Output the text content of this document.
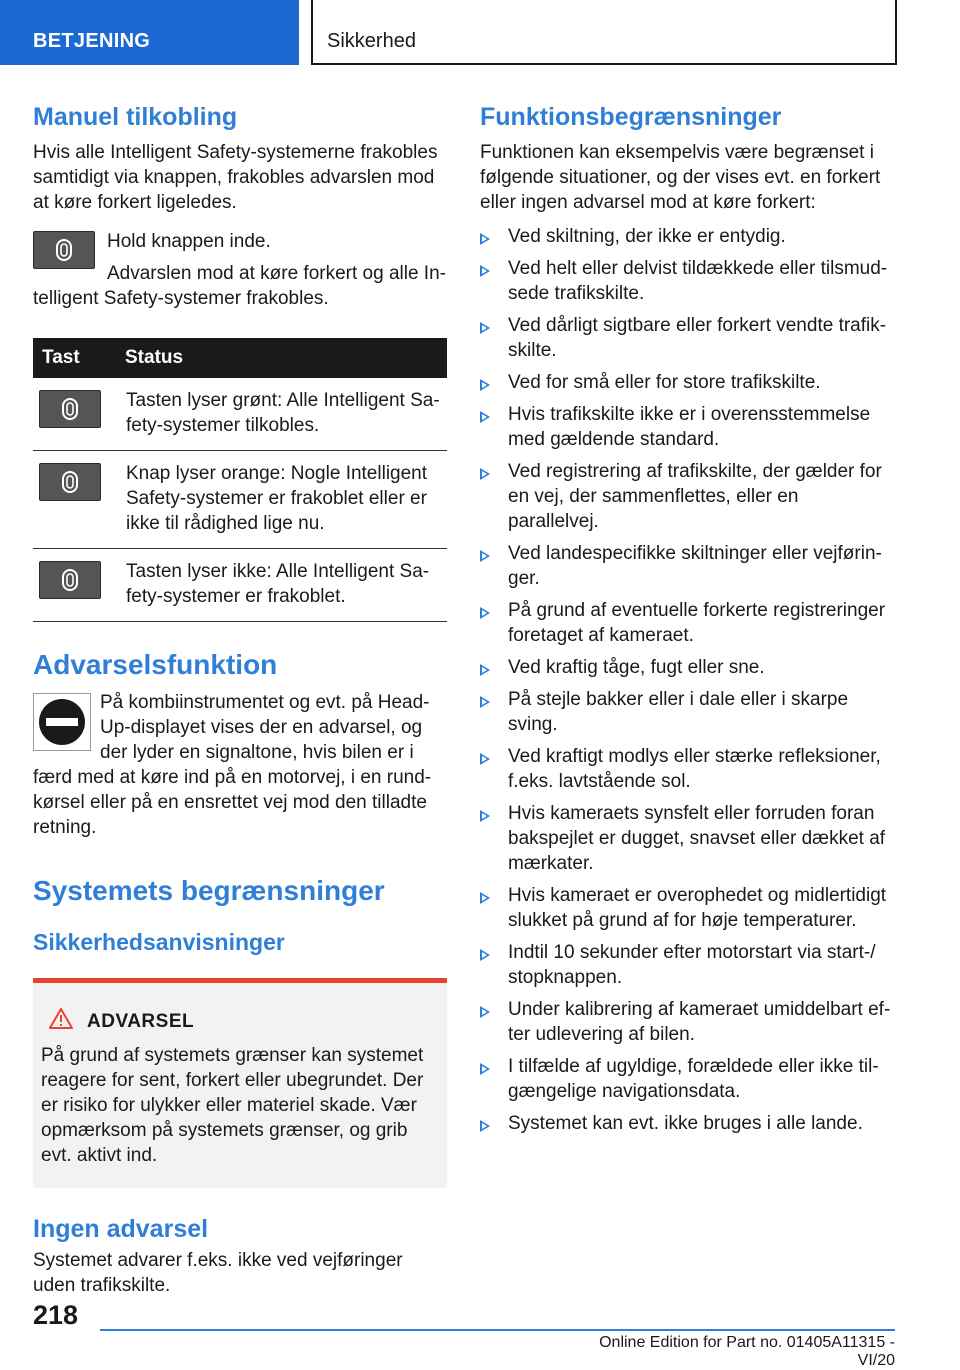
BETJENING	Sikkerhed
Manuel tilkobling

Hvis alle Intelligent Safety-systemerne frakobles samtidigt via knappen, frakobles advarslen mod at køre forkert ligeledes.

Hold knappen inde.

Advarslen mod at køre forkert og alle In-

telligent Safety-systemer frakobles.

Tast	Status

	Tasten lyser grønt: Alle Intelligent Sa-fety-systemer tilkobles.

	Knap lyser orange: Nogle Intelligent Safety-systemer er frakoblet eller er ikke til rådighed lige nu.

	Tasten lyser ikke: Alle Intelligent Sa-fety-systemer er frakoblet.
Advarselsfunktion

På kombiinstrumentet og evt. på Head-Up-displayet vises der en advarsel, og der lyder en signaltone, hvis bilen er i

færd med at køre ind på en motorvej, i en rund-kørsel eller på en ensrettet vej mod den tilladte retning.

Systemets begrænsninger
Sikkerhedsanvisninger
ADVARSEL

På grund af systemets grænser kan systemet reagere for sent, forkert eller ubegrundet. Der er risiko for ulykker eller materiel skade. Vær opmærksom på systemets grænser, og grib evt. aktivt ind.

Ingen advarsel

Systemet advarer f.eks. ikke ved vejføringer uden trafikskilte.

Funktionsbegrænsninger

Funktionen kan eksempelvis være begrænset i følgende situationer, og der vises evt. en forkert eller ingen advarsel mod at køre forkert:

Ved skiltning, der ikke er entydig.
Ved helt eller delvist tildækkede eller tilsmud-sede trafikskilte.
Ved dårligt sigtbare eller forkert vendte trafik-skilte.
Ved for små eller for store trafikskilte.
Hvis trafikskilte ikke er i overensstemmelse med gældende standard.
Ved registrering af trafikskilte, der gælder for en vej, der sammenflettes, eller en parallelvej.
Ved landespecifikke skiltninger eller vejførin-ger.
På grund af eventuelle forkerte registreringer foretaget af kameraet.
Ved kraftig tåge, fugt eller sne.
På stejle bakker eller i dale eller i skarpe sving.
Ved kraftigt modlys eller stærke refleksioner, f.eks. lavtstående sol.
Hvis kameraets synsfelt eller forruden foran bakspejlet er dugget, snavset eller dækket af mærkater.
Hvis kameraet er overophedet og midlertidigt slukket på grund af for høje temperaturer.
Indtil 10 sekunder efter motorstart via start-/ stopknappen.
Under kalibrering af kameraet umiddelbart ef-ter udlevering af bilen.
I tilfælde af ugyldige, forældede eller ikke til-gængelige navigationsdata.
Systemet kan evt. ikke bruges i alle lande.
218
Online Edition for Part no. 01405A11315 - VI/20
